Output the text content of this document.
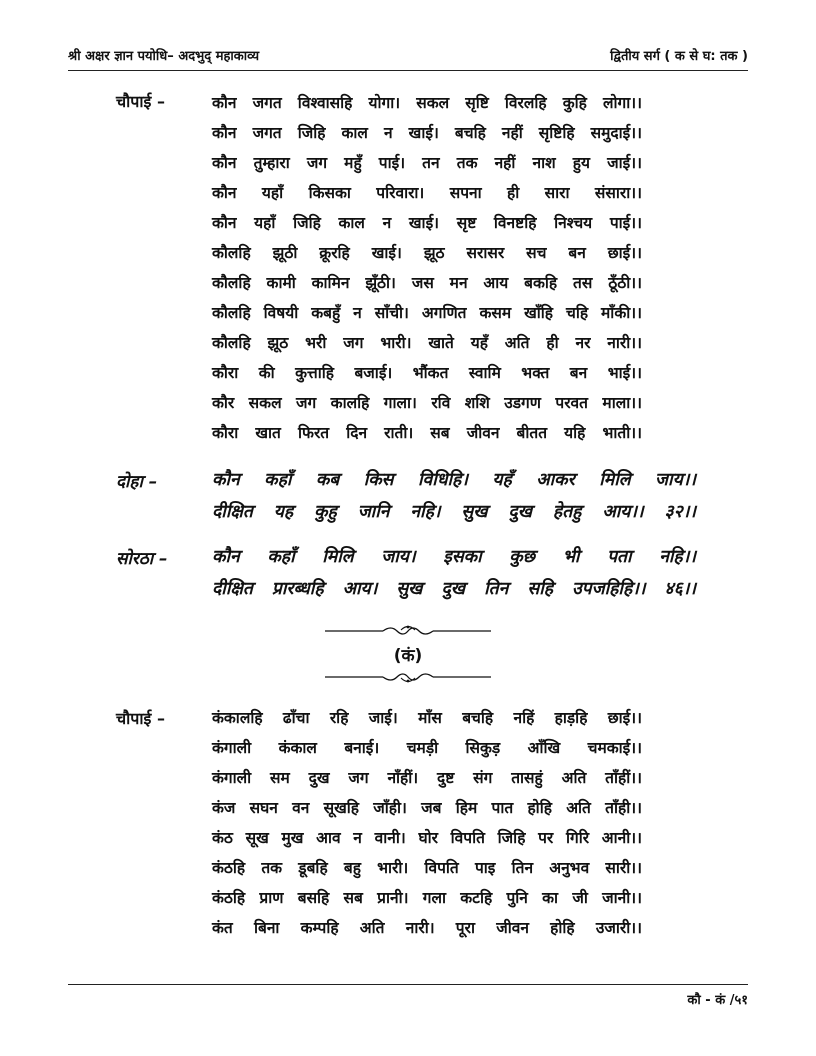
श्री अक्षर ज्ञान पयोधि– अदभुद् महाकाव्य	द्वितीय सर्ग ( क से घ: तक )
चौपाई –	कौन जगत विश्वासहि योगा। सकल सृष्टि विरलहि कुहि लोगा।।
कौन जगत जिहि काल न खाई। बचहि नहीं सृष्टिहि समुदाई।।
कौन तुम्हारा जग महुँ पाई। तन तक नहीं नाश हुय जाई।।
कौन यहाँ किसका परिवारा। सपना ही सारा संसारा।।
कौन यहाँ जिहि काल न खाई। सृष्ट विनष्टहि निश्चय पाई।।
कौलहि झूठी क्रूरहि खाई। झूठ सरासर सच बन छाई।।
कौलहि कामी कामिन झूँठी। जस मन आय बकहि तस ठूँठी।।
कौलहि विषयी कबहुँ न साँची। अगणित कसम खाँहि चहि माँकी।।
कौलहि झूठ भरी जग भारी। खाते यहँ अति ही नर नारी।।
कौरा की कुत्ताहि बजाई। भौंकत स्वामि भक्त बन भाई।।
कौर सकल जग कालहि गाला। रवि शशि उडगण परवत माला।।
कौरा खात फिरत दिन राती। सब जीवन बीतत यहि भाती।।
दोहा –	कौन कहाँ कब किस विधिहि। यहँ आकर मिलि जाय।।
दीक्षित यह कुहु जानि नहि। सुख दुख हेतहु आय।। ३२।।
सोरठा –	कौन कहाँ मिलि जाय। इसका कुछ भी पता नहि।।
दीक्षित प्रारब्धहि आय। सुख दुख तिन सहि उपजहिहि।। ४६।।
(कं)
चौपाई –	कंकालहि ढाँचा रहि जाई। माँस बचहि नहिं हाड़हि छाई।।
कंगाली कंकाल बनाई। चमड़ी सिकुड़ आँखि चमकाई।।
कंगाली सम दुख जग नाँहीं। दुष्ट संग तासहुं अति ताँहीं।।
कंज सघन वन सूखहि जाँही। जब हिम पात होहि अति ताँही।।
कंठ सूख मुख आव न वानी। घोर विपति जिहि पर गिरि आनी।।
कंठहि तक डूबहि बहु भारी। विपति पाइ तिन अनुभव सारी।।
कंठहि प्राण बसहि सब प्रानी। गला कटहि पुनि का जी जानी।।
कंत बिना कम्पहि अति नारी। पूरा जीवन होहि उजारी।।
कौ - कं /५१
